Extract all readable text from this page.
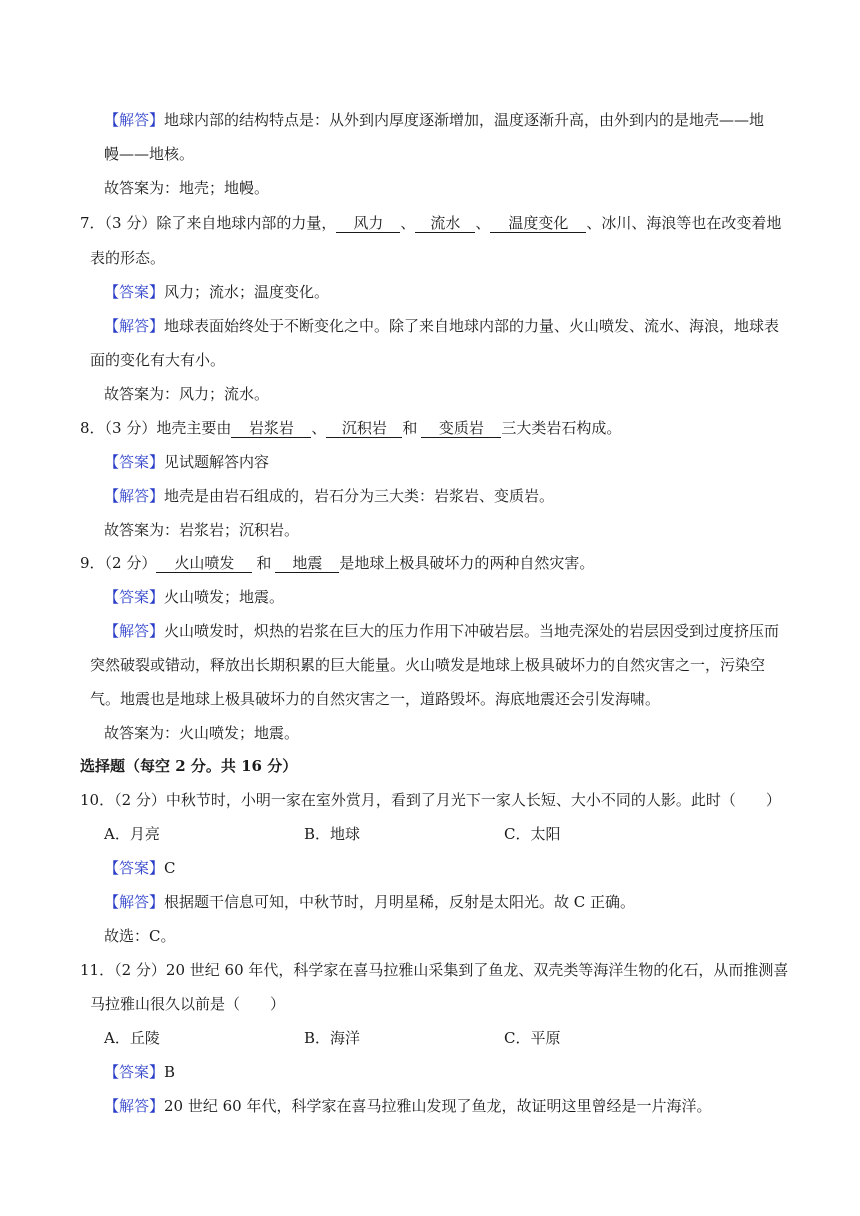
【解答】地球内部的结构特点是：从外到内厚度逐渐增加，温度逐渐升高，由外到内的是地壳——地
幔——地核。
故答案为：地壳；地幔。
7．（3 分）除了来自地球内部的力量， 风力 、 流水 、 温度变化 、冰川、海浪等也在改变着地
表的形态。
【答案】风力；流水；温度变化。
【解答】地球表面始终处于不断变化之中。除了来自地球内部的力量、火山喷发、流水、海浪，地球表
面的变化有大有小。
故答案为：风力；流水。
8．（3 分）地壳主要由 岩浆岩 、 沉积岩 和 变质岩 三大类岩石构成。
【答案】见试题解答内容
【解答】地壳是由岩石组成的，岩石分为三大类：岩浆岩、变质岩。
故答案为：岩浆岩；沉积岩。
9．（2 分） 火山喷发 和 地震 是地球上极具破坏力的两种自然灾害。
【答案】火山喷发；地震。
【解答】火山喷发时，炽热的岩浆在巨大的压力作用下冲破岩层。当地壳深处的岩层因受到过度挤压而
突然破裂或错动，释放出长期积累的巨大能量。火山喷发是地球上极具破坏力的自然灾害之一，污染空
气。地震也是地球上极具破坏力的自然灾害之一，道路毁坏。海底地震还会引发海啸。
故答案为：火山喷发；地震。
选择题（每空 2 分。共 16 分）
10．（2 分）中秋节时，小明一家在室外赏月，看到了月光下一家人长短、大小不同的人影。此时（　　）
A．月亮	B．地球	C．太阳
【答案】C
【解答】根据题干信息可知，中秋节时，月明星稀，反射是太阳光。故 C 正确。
故选：C。
11．（2 分）20 世纪 60 年代，科学家在喜马拉雅山采集到了鱼龙、双壳类等海洋生物的化石，从而推测喜
马拉雅山很久以前是（　　）
A．丘陵	B．海洋	C．平原
【答案】B
【解答】20 世纪 60 年代，科学家在喜马拉雅山发现了鱼龙，故证明这里曾经是一片海洋。
